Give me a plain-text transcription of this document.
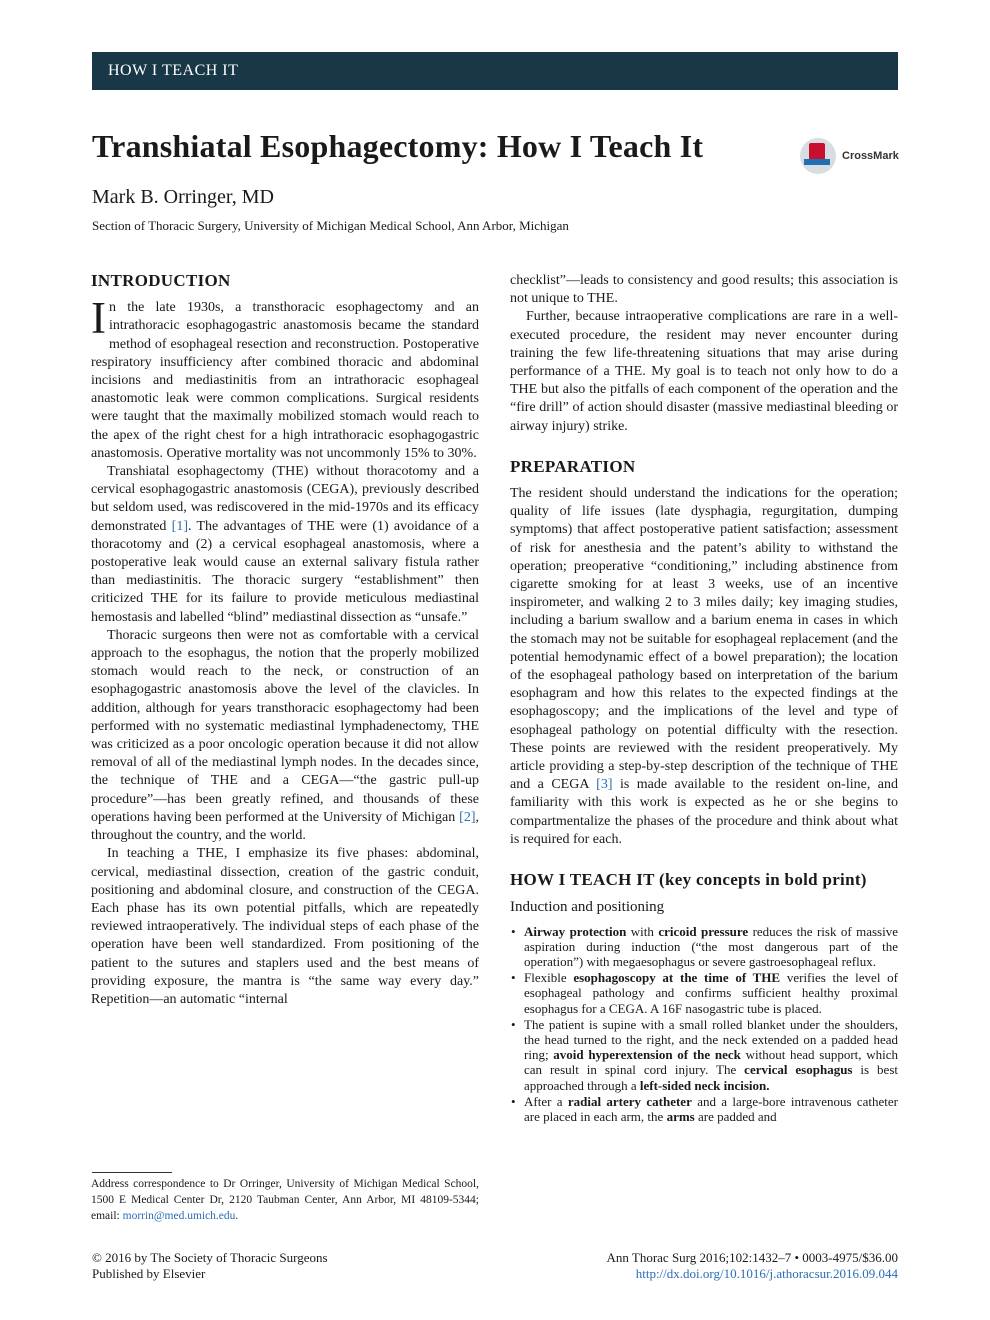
HOW I TEACH IT
Transhiatal Esophagectomy: How I Teach It	CrossMark
Mark B. Orringer, MD
Section of Thoracic Surgery, University of Michigan Medical School, Ann Arbor, Michigan
INTRODUCTION

In the late 1930s, a transthoracic esophagectomy and an intrathoracic esophagogastric anastomosis became the standard method of esophageal resection and reconstruction. Postoperative respiratory insufficiency after combined thoracic and abdominal incisions and mediastinitis from an intrathoracic esophageal anastomotic leak were common complications. Surgical residents were taught that the maximally mobilized stomach would reach to the apex of the right chest for a high intrathoracic esophagogastric anastomosis. Operative mortality was not uncommonly 15% to 30%.

Transhiatal esophagectomy (THE) without thoracotomy and a cervical esophagogastric anastomosis (CEGA), previously described but seldom used, was rediscovered in the mid-1970s and its efficacy demonstrated [1]. The advantages of THE were (1) avoidance of a thoracotomy and (2) a cervical esophageal anastomosis, where a postoperative leak would cause an external salivary fistula rather than mediastinitis. The thoracic surgery “establishment” then criticized THE for its failure to provide meticulous mediastinal hemostasis and labelled “blind” mediastinal dissection as “unsafe.”

Thoracic surgeons then were not as comfortable with a cervical approach to the esophagus, the notion that the properly mobilized stomach would reach to the neck, or construction of an esophagogastric anastomosis above the level of the clavicles. In addition, although for years transthoracic esophagectomy had been performed with no systematic mediastinal lymphadenectomy, THE was criticized as a poor oncologic operation because it did not allow removal of all of the mediastinal lymph nodes. In the decades since, the technique of THE and a CEGA—“the gastric pull-up procedure”—has been greatly refined, and thousands of these operations having been performed at the University of Michigan [2], throughout the country, and the world.

In teaching a THE, I emphasize its five phases: abdominal, cervical, mediastinal dissection, creation of the gastric conduit, positioning and abdominal closure, and construction of the CEGA. Each phase has its own potential pitfalls, which are repeatedly reviewed intraoperatively. The individual steps of each phase of the operation have been well standardized. From positioning of the patient to the sutures and staplers used and the best means of providing exposure, the mantra is “the same way every day.” Repetition—an automatic “internal

checklist”—leads to consistency and good results; this association is not unique to THE.

Further, because intraoperative complications are rare in a well-executed procedure, the resident may never encounter during training the few life-threatening situations that may arise during performance of a THE. My goal is to teach not only how to do a THE but also the pitfalls of each component of the operation and the “fire drill” of action should disaster (massive mediastinal bleeding or airway injury) strike.

PREPARATION

The resident should understand the indications for the operation; quality of life issues (late dysphagia, regurgitation, dumping symptoms) that affect postoperative patient satisfaction; assessment of risk for anesthesia and the patent’s ability to withstand the operation; preoperative “conditioning,” including abstinence from cigarette smoking for at least 3 weeks, use of an incentive inspirometer, and walking 2 to 3 miles daily; key imaging studies, including a barium swallow and a barium enema in cases in which the stomach may not be suitable for esophageal replacement (and the potential hemodynamic effect of a bowel preparation); the location of the esophageal pathology based on interpretation of the barium esophagram and how this relates to the expected findings at the esophagoscopy; and the implications of the level and type of esophageal pathology on potential difficulty with the resection. These points are reviewed with the resident preoperatively. My article providing a step-by-step description of the technique of THE and a CEGA [3] is made available to the resident on-line, and familiarity with this work is expected as he or she begins to compartmentalize the phases of the procedure and think about what is required for each.

HOW I TEACH IT (key concepts in bold print)
Induction and positioning
• Airway protection with cricoid pressure reduces the risk of massive aspiration during induction (“the most dangerous part of the operation”) with megaesophagus or severe gastroesophageal reflux.
• Flexible esophagoscopy at the time of THE verifies the level of esophageal pathology and confirms sufficient healthy proximal esophagus for a CEGA. A 16F nasogastric tube is placed.
• The patient is supine with a small rolled blanket under the shoulders, the head turned to the right, and the neck extended on a padded head ring; avoid hyperextension of the neck without head support, which can result in spinal cord injury. The cervical esophagus is best approached through a left-sided neck incision.
• After a radial artery catheter and a large-bore intravenous catheter are placed in each arm, the arms are padded and
Address correspondence to Dr Orringer, University of Michigan Medical School, 1500 E Medical Center Dr, 2120 Taubman Center, Ann Arbor, MI 48109-5344; email: morrin@med.umich.edu.
© 2016 by The Society of Thoracic Surgeons
Published by Elsevier
Ann Thorac Surg 2016;102:1432–7 • 0003-4975/$36.00
http://dx.doi.org/10.1016/j.athoracsur.2016.09.044
